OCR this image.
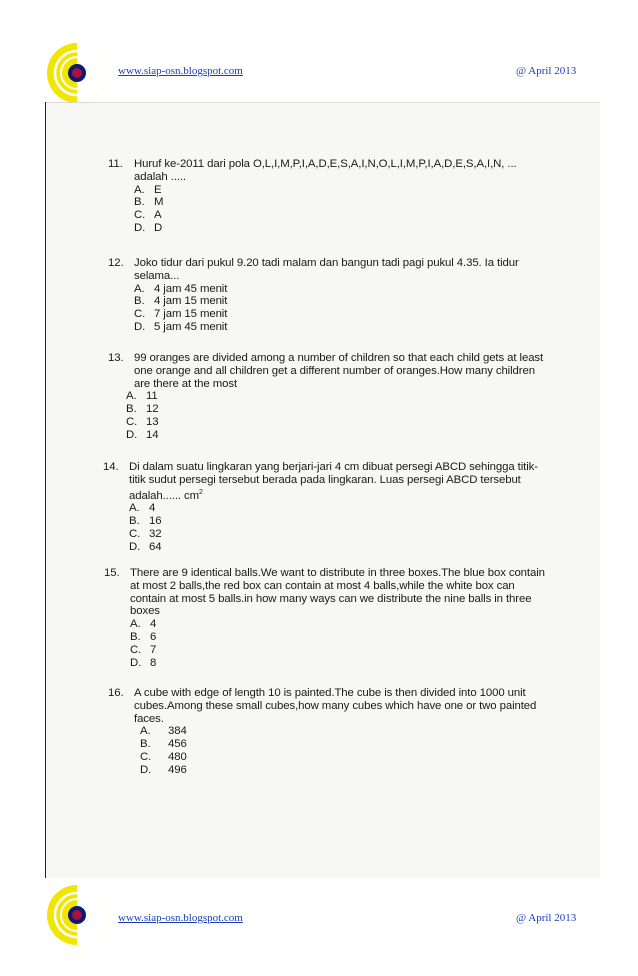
www.siap-osn.blogspot.com	@ April 2013
11. Huruf ke-2011 dari pola O,L,I,M,P,I,A,D,E,S,A,I,N,O,L,I,M,P,I,A,D,E,S,A,I,N, ...
adalah .....
A. E
B. M
C. A
D. D
12. Joko tidur dari pukul 9.20 tadi malam dan bangun tadi pagi pukul 4.35. Ia tidur
selama...
A. 4 jam 45 menit
B. 4 jam 15 menit
C. 7 jam 15 menit
D. 5 jam 45 menit
13. 99 oranges are divided among a number of children so that each child gets at least
one orange and all children get a different number of oranges.How many children
are there at the most
A. 11
B. 12
C. 13
D. 14
14. Di dalam suatu lingkaran yang berjari-jari 4 cm dibuat persegi ABCD sehingga titik-
titik sudut persegi tersebut berada pada lingkaran. Luas persegi ABCD tersebut
adalah...... $cm^2$
A. 4
B. 16
C. 32
D. 64
15. There are 9 identical balls.We want to distribute in three boxes.The blue box contain
at most 2 balls,the red box can contain at most 4 balls,while the white box can
contain at most 5 balls.in how many ways can we distribute the nine balls in three
boxes
A. 4
B. 6
C. 7
D. 8
16. A cube with edge of length 10 is painted.The cube is then divided into 1000 unit
cubes.Among these small cubes,how many cubes which have one or two painted
faces.
A.	384
B.	456
C.	480
D.	496
www.siap-osn.blogspot.com	@ April 2013
